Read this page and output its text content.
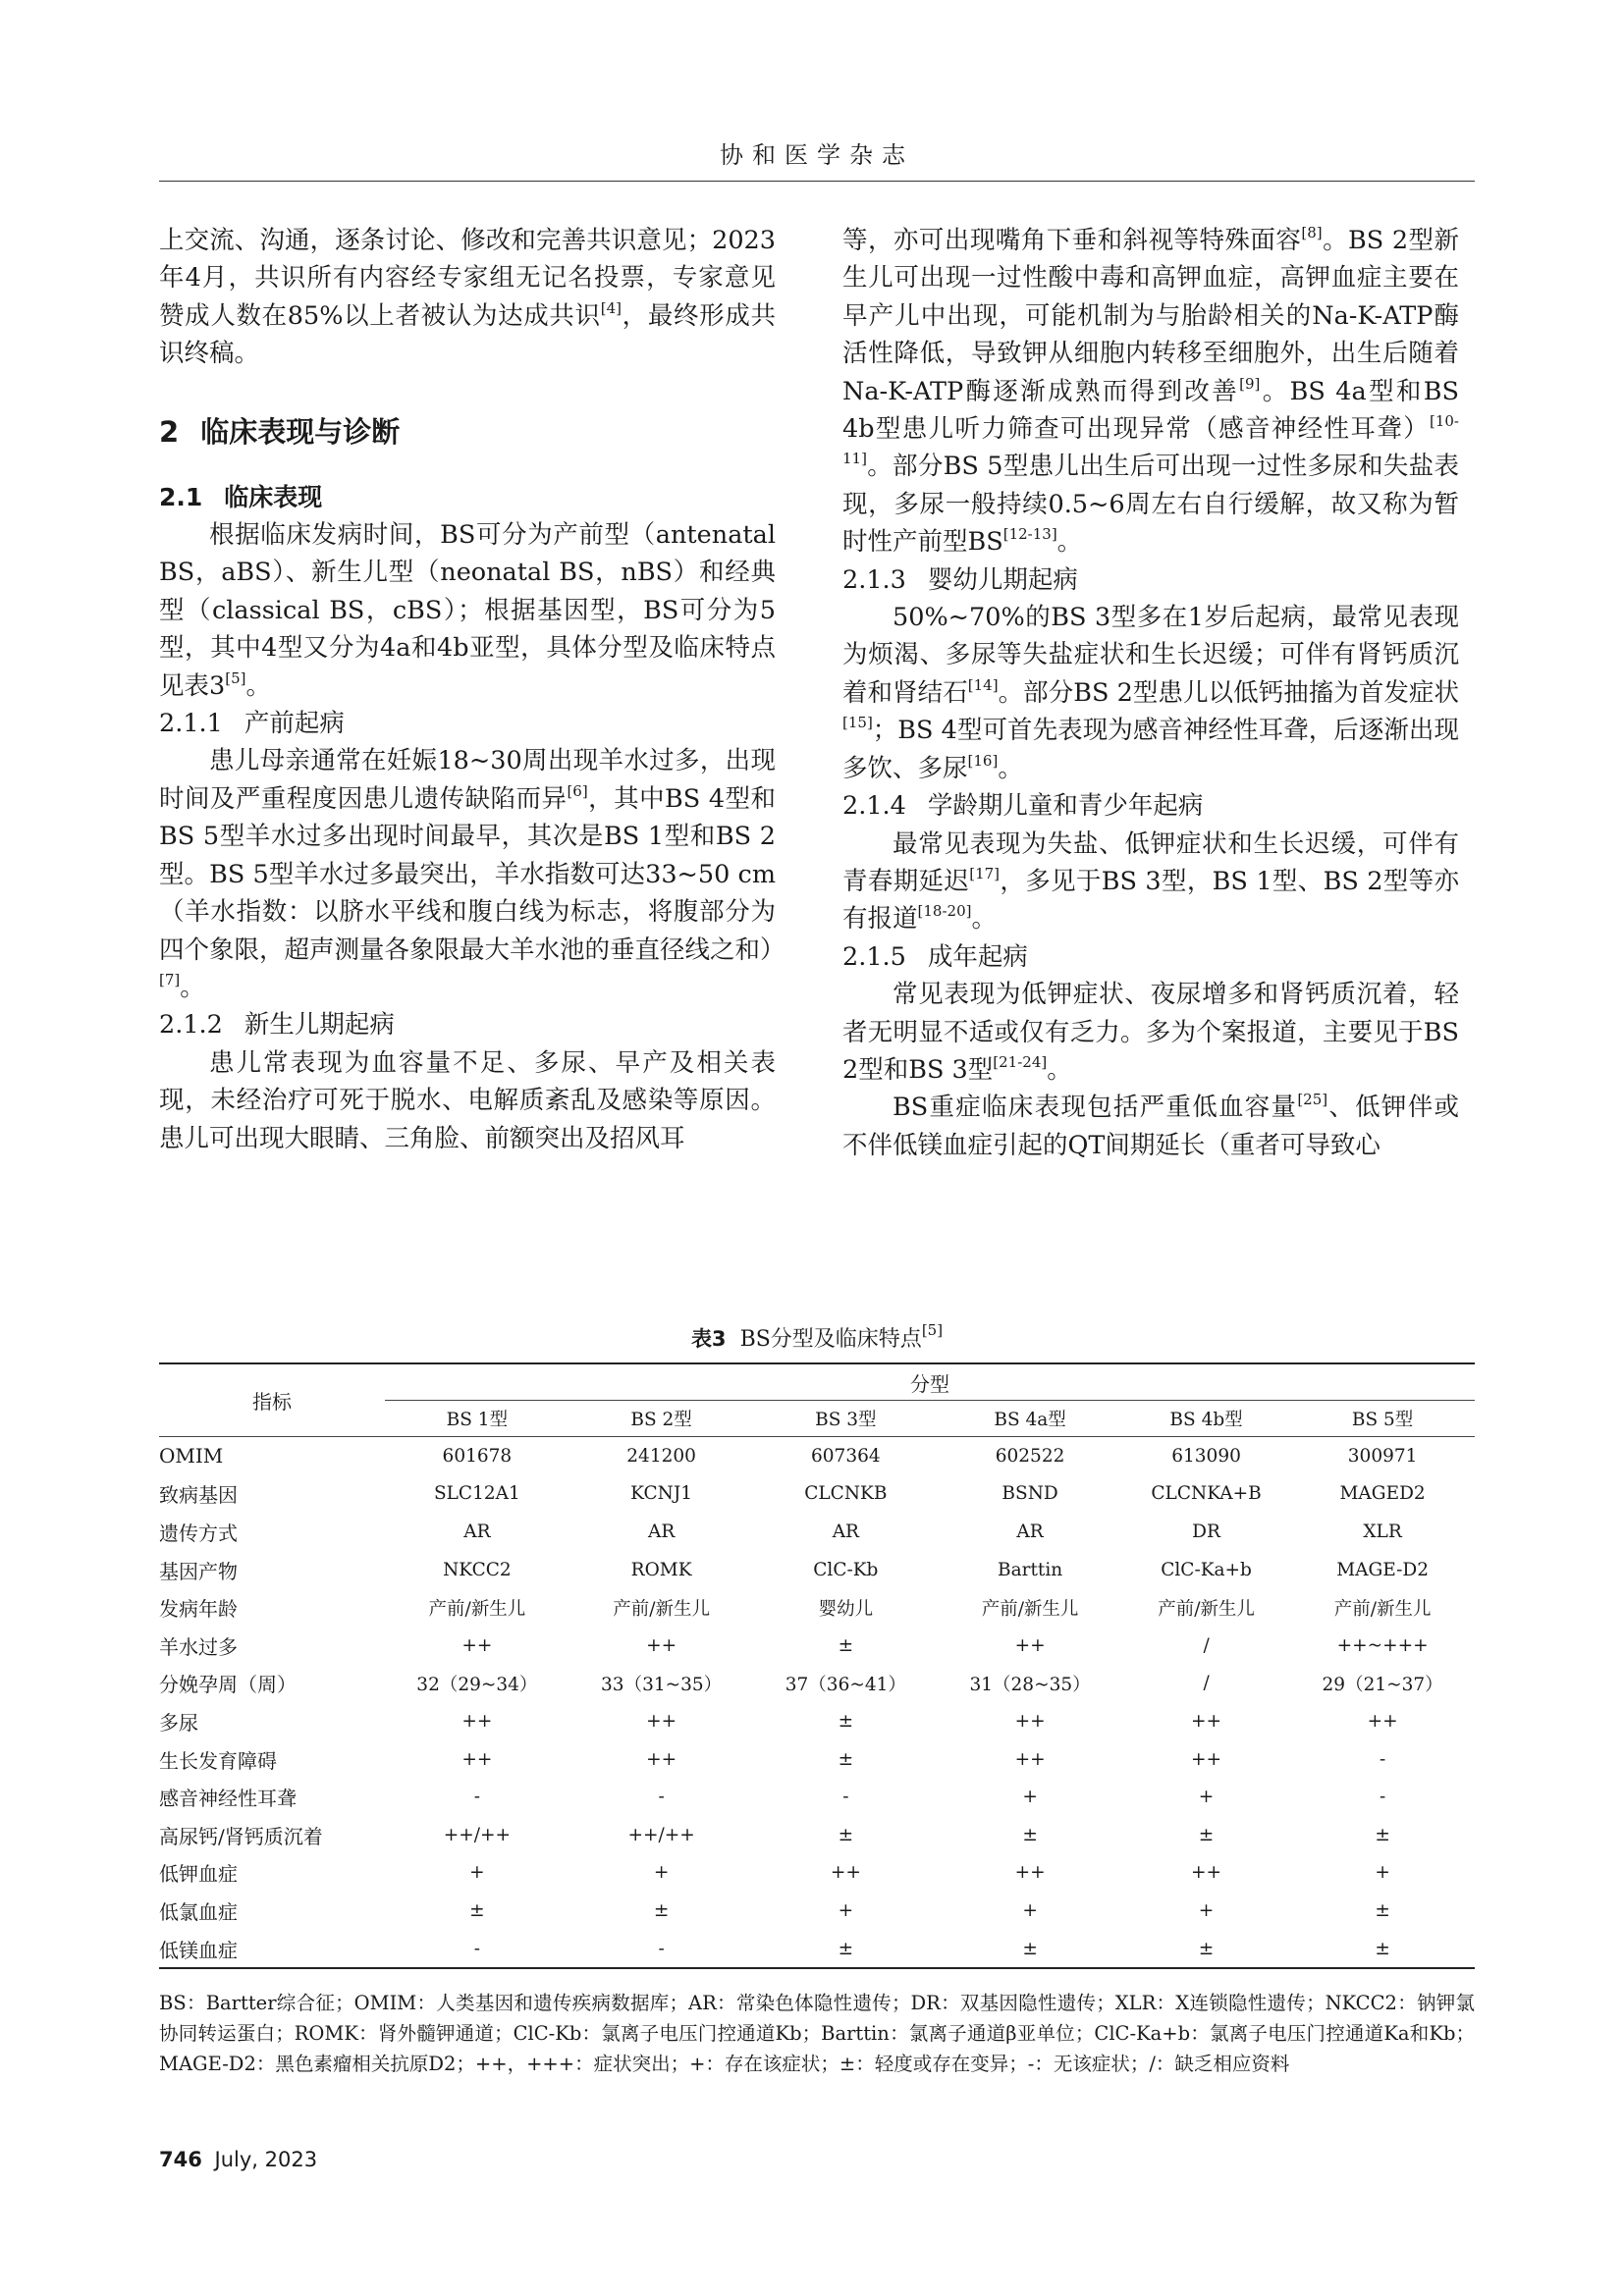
协和医学杂志

上交流、沟通，逐条讨论、修改和完善共识意见；2023年4月，共识所有内容经专家组无记名投票，专家意见赞成人数在85%以上者被认为达成共识[4]，最终形成共识终稿。

2 临床表现与诊断
2.1 临床表现

根据临床发病时间，BS可分为产前型（antenatal BS，aBS）、新生儿型（neonatal BS，nBS）和经典型（classical BS，cBS）；根据基因型，BS可分为5型，其中4型又分为4a和4b亚型，具体分型及临床特点见表3[5]。

2.1.1 产前起病

患儿母亲通常在妊娠18~30周出现羊水过多，出现时间及严重程度因患儿遗传缺陷而异[6]，其中BS 4型和BS 5型羊水过多出现时间最早，其次是BS 1型和BS 2型。BS 5型羊水过多最突出，羊水指数可达33~50 cm（羊水指数：以脐水平线和腹白线为标志，将腹部分为四个象限，超声测量各象限最大羊水池的垂直径线之和）[7]。

2.1.2 新生儿期起病

患儿常表现为血容量不足、多尿、早产及相关表现，未经治疗可死于脱水、电解质紊乱及感染等原因。患儿可出现大眼睛、三角脸、前额突出及招风耳

等，亦可出现嘴角下垂和斜视等特殊面容[8]。BS 2型新生儿可出现一过性酸中毒和高钾血症，高钾血症主要在早产儿中出现，可能机制为与胎龄相关的Na-K-ATP酶活性降低，导致钾从细胞内转移至细胞外，出生后随着Na-K-ATP酶逐渐成熟而得到改善[9]。BS 4a型和BS 4b型患儿听力筛查可出现异常（感音神经性耳聋）[10-11]。部分BS 5型患儿出生后可出现一过性多尿和失盐表现，多尿一般持续0.5~6周左右自行缓解，故又称为暂时性产前型BS[12-13]。

2.1.3 婴幼儿期起病

50%~70%的BS 3型多在1岁后起病，最常见表现为烦渴、多尿等失盐症状和生长迟缓；可伴有肾钙质沉着和肾结石[14]。部分BS 2型患儿以低钙抽搐为首发症状[15]；BS 4型可首先表现为感音神经性耳聋，后逐渐出现多饮、多尿[16]。

2.1.4 学龄期儿童和青少年起病

最常见表现为失盐、低钾症状和生长迟缓，可伴有青春期延迟[17]，多见于BS 3型，BS 1型、BS 2型等亦有报道[18-20]。

2.1.5 成年起病

常见表现为低钾症状、夜尿增多和肾钙质沉着，轻者无明显不适或仅有乏力。多为个案报道，主要见于BS 2型和BS 3型[21-24]。

BS重症临床表现包括严重低血容量[25]、低钾伴或不伴低镁血症引起的QT间期延长（重者可导致心

表3 BS分型及临床特点[5]
指标	分型					
	BS 1型	BS 2型	BS 3型	BS 4a型	BS 4b型	BS 5型
OMIM	601678	241200	607364	602522	613090	300971
致病基因	SLC12A1	KCNJ1	CLCNKB	BSND	CLCNKA+B	MAGED2
遗传方式	AR	AR	AR	AR	DR	XLR
基因产物	NKCC2	ROMK	ClC-Kb	Barttin	ClC-Ka+b	MAGE-D2
发病年龄	产前/新生儿	产前/新生儿	婴幼儿	产前/新生儿	产前/新生儿	产前/新生儿
羊水过多	++	++	±	++	/	++~+++
分娩孕周（周）	32（29~34）	33（31~35）	37（36~41）	31（28~35）	/	29（21~37）
多尿	++	++	±	++	++	++
生长发育障碍	++	++	±	++	++	-
感音神经性耳聋	-	-	-	+	+	-
高尿钙/肾钙质沉着	++/++	++/++	±	±	±	±
低钾血症	+	+	++	++	++	+
低氯血症	±	±	+	+	+	±
低镁血症	-	-	±	±	±	±
BS：Bartter综合征；OMIM：人类基因和遗传疾病数据库；AR：常染色体隐性遗传；DR：双基因隐性遗传；XLR：X连锁隐性遗传；NKCC2：钠钾氯协同转运蛋白；ROMK：肾外髓钾通道；ClC-Kb：氯离子电压门控通道Kb；Barttin：氯离子通道β亚单位；ClC-Ka+b：氯离子电压门控通道Ka和Kb；MAGE-D2：黑色素瘤相关抗原D2；++，+++：症状突出；+：存在该症状；±：轻度或存在变异；-：无该症状；/：缺乏相应资料
746 July, 2023
